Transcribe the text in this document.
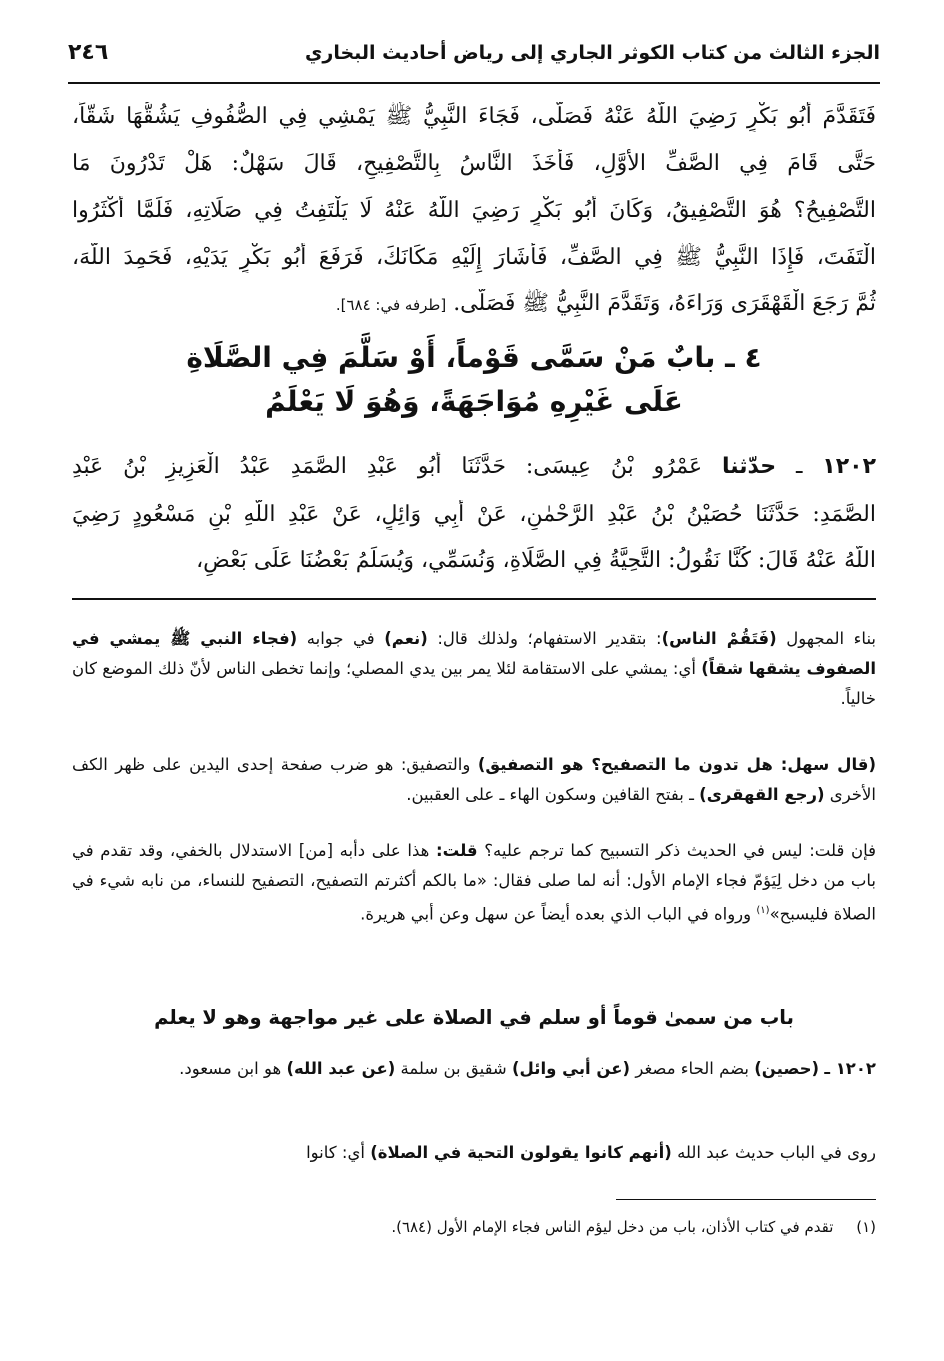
الجزء الثالث من كتاب الكوثر الجاري إلى رياض أحاديث البخاري
٢٤٦
فَتَقَدَّمَ أَبُو بَكْرٍ رَضِيَ اللَّهُ عَنْهُ فَصَلَّى، فَجَاءَ النَّبِيُّ ﷺ يَمْشِي فِي الصُّفُوفِ يَشُقُّهَا شَقّاً،
حَتَّى قَامَ فِي الصَّفِّ الأَوَّلِ، فَأَخَذَ النَّاسُ بِالتَّصْفِيحِ، قَالَ سَهْلٌ: هَلْ تَدْرُونَ مَا
التَّصْفِيحُ؟ هُوَ التَّصْفِيقُ، وَكَانَ أَبُو بَكْرٍ رَضِيَ اللَّهُ عَنْهُ لَا يَلْتَفِتُ فِي صَلَاتِهِ، فَلَمَّا أَكْثَرُوا
الْتَفَتَ، فَإِذَا النَّبِيُّ ﷺ فِي الصَّفِّ، فَأَشَارَ إِلَيْهِ مَكَانَكَ، فَرَفَعَ أَبُو بَكْرٍ يَدَيْهِ، فَحَمِدَ اللَّهَ،
ثُمَّ رَجَعَ الْقَهْقَرَى وَرَاءَهُ، وَتَقَدَّمَ النَّبِيُّ ﷺ فَصَلَّى. [طرفه في: ٦٨٤].
٤ ـ بابٌ مَنْ سَمَّى قَوْماً، أَوْ سَلَّمَ فِي الصَّلَاةِ
عَلَى غَيْرِهِ مُوَاجَهَةً، وَهُوَ لَا يَعْلَمُ
١٢٠٢ ـ حدّثنا عَمْرُو بْنُ عِيسَى: حَدَّثَنَا أَبُو عَبْدِ الصَّمَدِ عَبْدُ الْعَزِيزِ بْنُ عَبْدِ
الصَّمَدِ: حَدَّثَنَا حُصَيْنُ بْنُ عَبْدِ الرَّحْمٰنِ، عَنْ أَبِي وَائِلٍ، عَنْ عَبْدِ اللَّهِ بْنِ مَسْعُودٍ رَضِيَ
اللَّهُ عَنْهُ قَالَ: كُنَّا نَقُولُ: التَّحِيَّةُ فِي الصَّلَاةِ، وَنُسَمِّي، وَيُسَلِّمُ بَعْضُنَا عَلَى بَعْضٍ،
بناء المجهول (فَتَقُمْ الناس): بتقدير الاستفهام؛ ولذلك قال: (نعم) في جوابه (فجاء النبي ﷺ يمشي في الصفوف يشقها شقاً) أي: يمشي على الاستقامة لئلا يمر بين يدي المصلي؛ وإنما تخطى الناس لأنّ ذلك الموضع كان خالياً.
(قال سهل: هل تدون ما التصفيح؟ هو التصفيق) والتصفيق: هو ضرب صفحة إحدى اليدين على ظهر الكف الأخرى (رجع القهقرى) ـ بفتح القافين وسكون الهاء ـ على العقبين.
فإن قلت: ليس في الحديث ذكر التسبيح كما ترجم عليه؟ قلت: هذا على دأبه [من] الاستدلال بالخفي، وقد تقدم في باب من دخل لِيَؤمّ فجاء الإمام الأول: أنه لما صلى فقال: «ما بالكم أكثرتم التصفيح، التصفيح للنساء، من نابه شيء في الصلاة فليسبح»$^{(١)}$ ورواه في الباب الذي بعده أيضاً عن سهل وعن أبي هريرة.
باب من سمىٰ قوماً أو سلم في الصلاة على غير مواجهة وهو لا يعلم
١٢٠٢ ـ (حصين) بضم الحاء مصغر (عن أبي وائل) شقيق بن سلمة (عن عبد الله) هو ابن مسعود.
روى في الباب حديث عبد الله (أنهم كانوا يقولون التحية في الصلاة) أي: كانوا
(١) تقدم في كتاب الأذان، باب من دخل ليؤم الناس فجاء الإمام الأول (٦٨٤).
